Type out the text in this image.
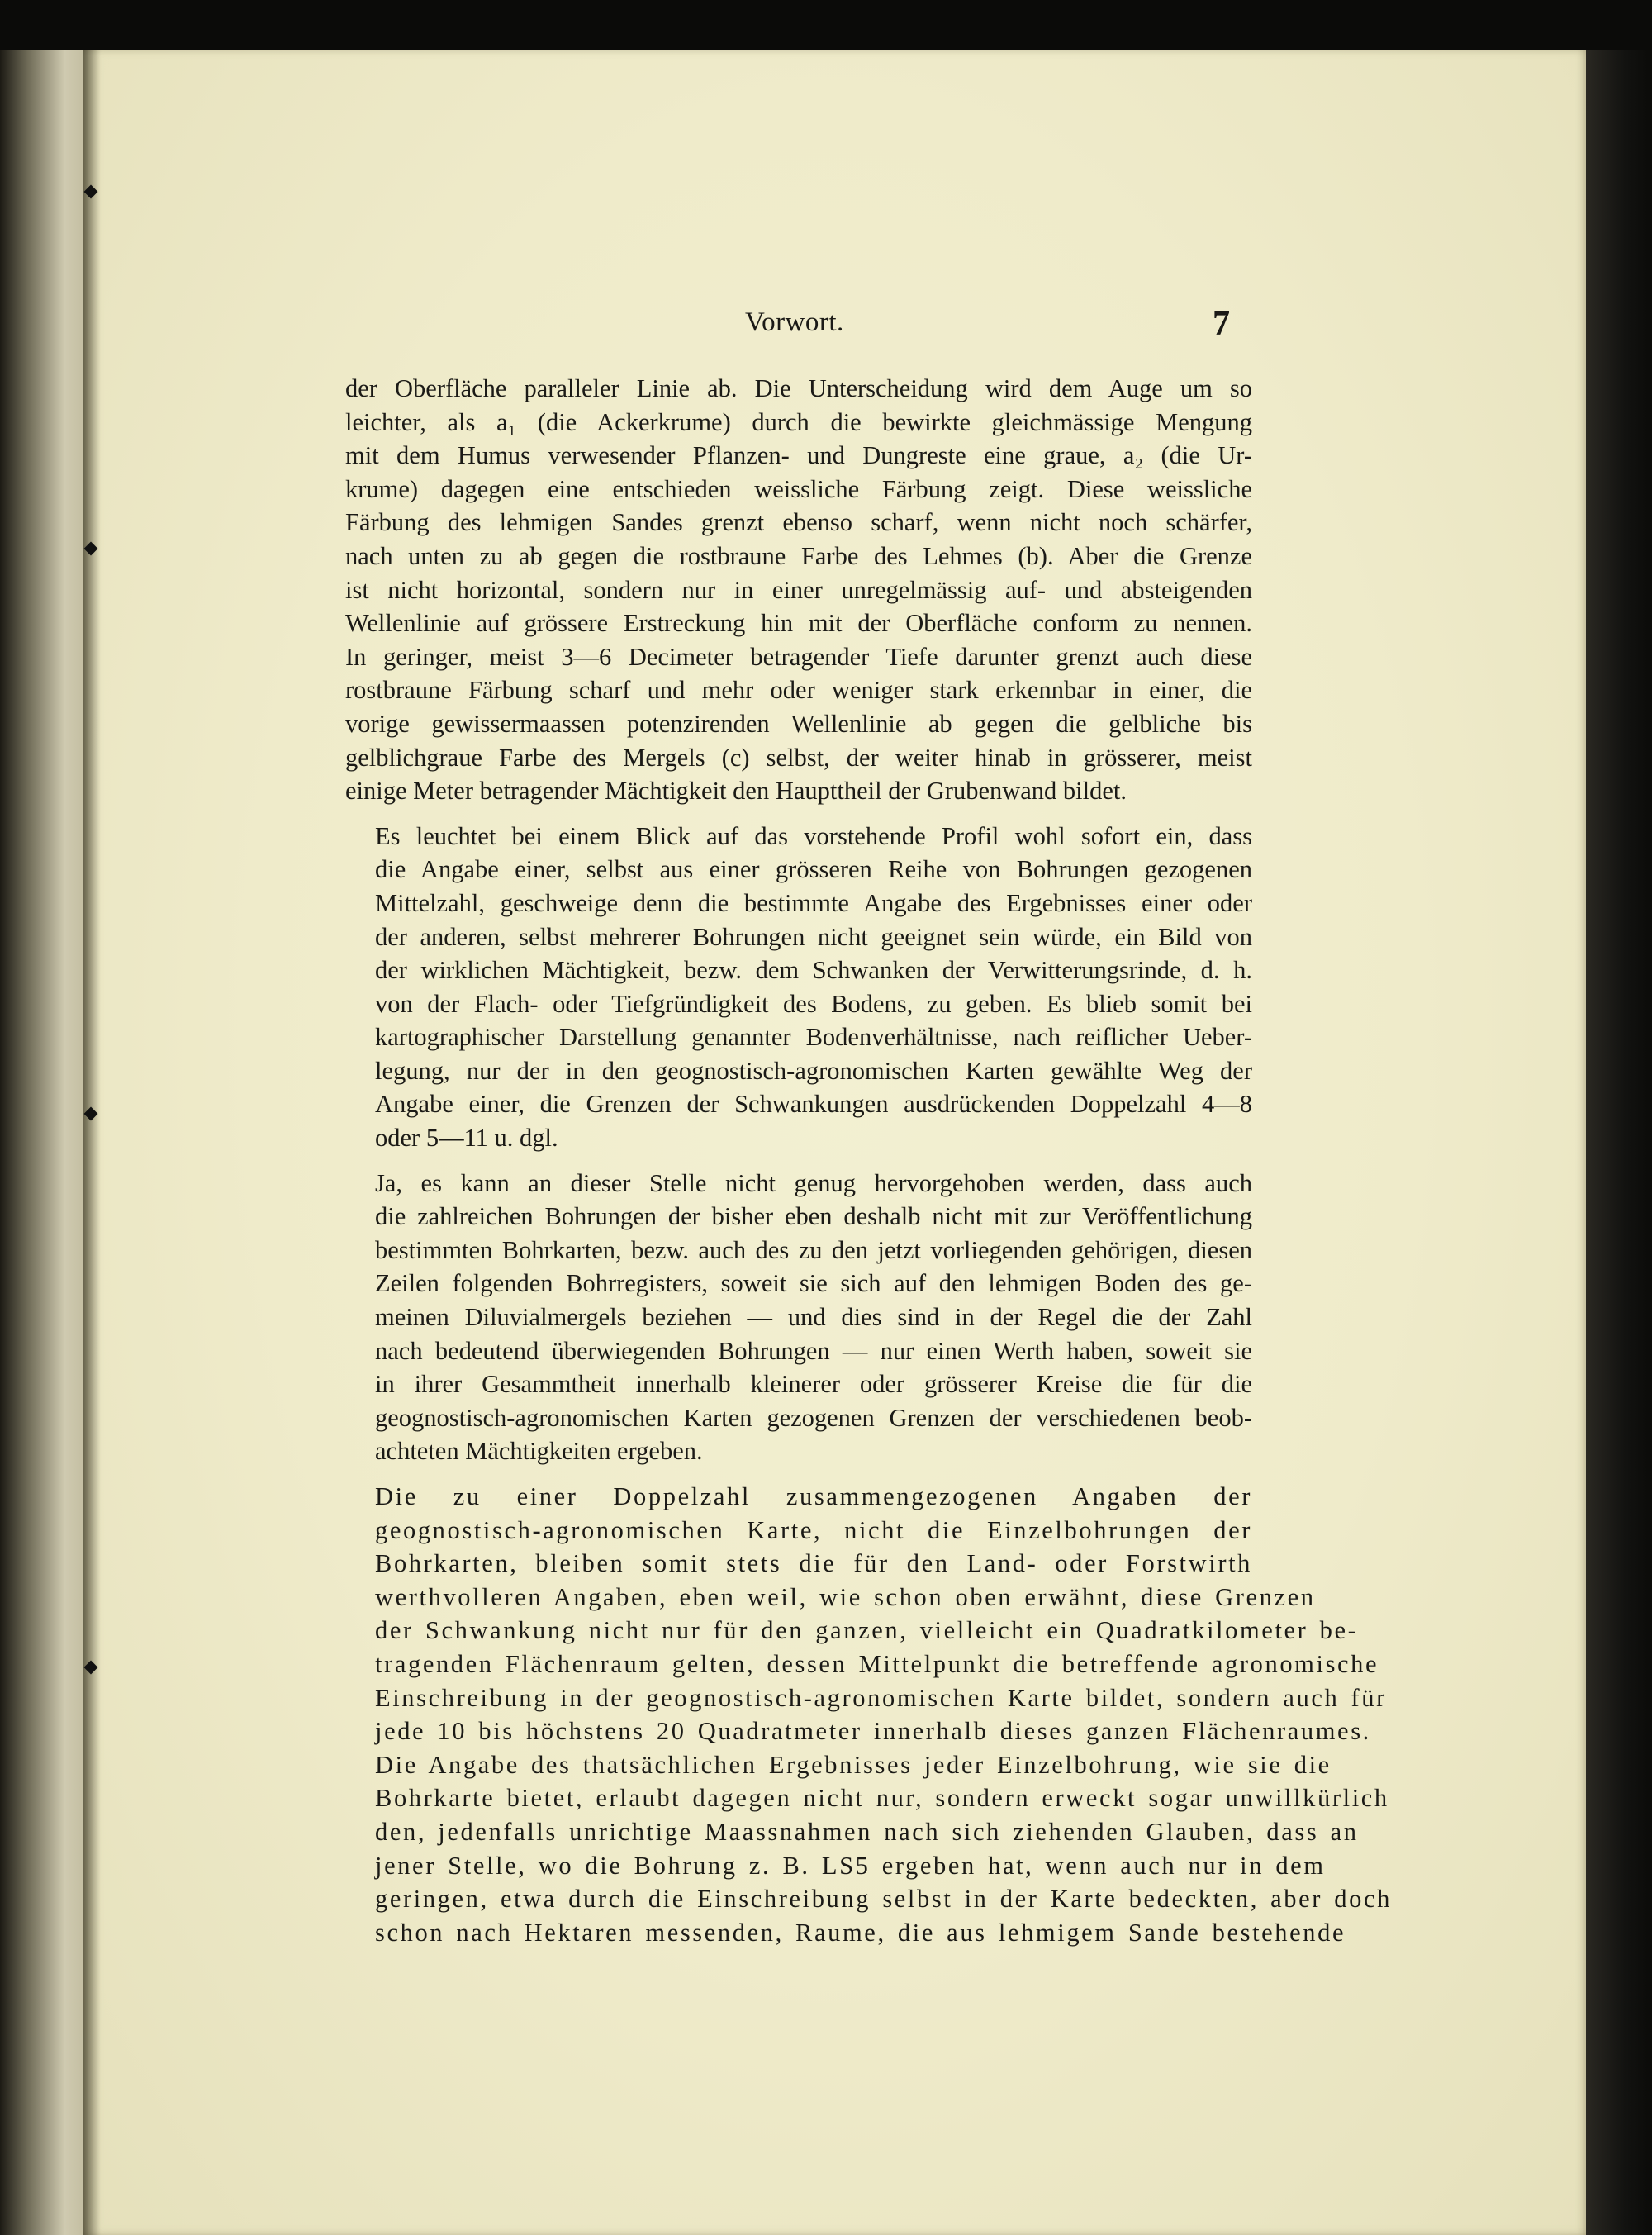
Vorwort.	7
der Oberfläche paralleler Linie ab. Die Unterscheidung wird dem Auge um so
leichter, als a₁ (die Ackerkrume) durch die bewirkte gleichmässige Mengung
mit dem Humus verwesender Pflanzen- und Dungreste eine graue, a₂ (die Ur-
krume) dagegen eine entschieden weissliche Färbung zeigt. Diese weissliche
Färbung des lehmigen Sandes grenzt ebenso scharf, wenn nicht noch schärfer,
nach unten zu ab gegen die rostbraune Farbe des Lehmes (b). Aber die Grenze
ist nicht horizontal, sondern nur in einer unregelmässig auf- und absteigenden
Wellenlinie auf grössere Erstreckung hin mit der Oberfläche conform zu nennen.
In geringer, meist 3—6 Decimeter betragender Tiefe darunter grenzt auch diese
rostbraune Färbung scharf und mehr oder weniger stark erkennbar in einer, die
vorige gewissermaassen potenzirenden Wellenlinie ab gegen die gelbliche bis
gelblichgraue Farbe des Mergels (c) selbst, der weiter hinab in grösserer, meist
einige Meter betragender Mächtigkeit den Haupttheil der Grubenwand bildet.
Es leuchtet bei einem Blick auf das vorstehende Profil wohl sofort ein, dass
die Angabe einer, selbst aus einer grösseren Reihe von Bohrungen gezogenen
Mittelzahl, geschweige denn die bestimmte Angabe des Ergebnisses einer oder
der anderen, selbst mehrerer Bohrungen nicht geeignet sein würde, ein Bild von
der wirklichen Mächtigkeit, bezw. dem Schwanken der Verwitterungsrinde, d. h.
von der Flach- oder Tiefgründigkeit des Bodens, zu geben. Es blieb somit bei
kartographischer Darstellung genannter Bodenverhältnisse, nach reiflicher Ueber-
legung, nur der in den geognostisch-agronomischen Karten gewählte Weg der
Angabe einer, die Grenzen der Schwankungen ausdrückenden Doppelzahl 4—8
oder 5—11 u. dgl.
Ja, es kann an dieser Stelle nicht genug hervorgehoben werden, dass auch
die zahlreichen Bohrungen der bisher eben deshalb nicht mit zur Veröffentlichung
bestimmten Bohrkarten, bezw. auch des zu den jetzt vorliegenden gehörigen, diesen
Zeilen folgenden Bohrregisters, soweit sie sich auf den lehmigen Boden des ge-
meinen Diluvialmergels beziehen — und dies sind in der Regel die der Zahl
nach bedeutend überwiegenden Bohrungen — nur einen Werth haben, soweit sie
in ihrer Gesammtheit innerhalb kleinerer oder grösserer Kreise die für die
geognostisch-agronomischen Karten gezogenen Grenzen der verschiedenen beob-
achteten Mächtigkeiten ergeben.
Die zu einer Doppelzahl zusammengezogenen Angaben der
geognostisch-agronomischen Karte, nicht die Einzelbohrungen der
Bohrkarten, bleiben somit stets die für den Land- oder Forstwirth
werthvolleren Angaben, eben weil, wie schon oben erwähnt, diese Grenzen
der Schwankung nicht nur für den ganzen, vielleicht ein Quadratkilometer be-
tragenden Flächenraum gelten, dessen Mittelpunkt die betreffende agronomische
Einschreibung in der geognostisch-agronomischen Karte bildet, sondern auch für
jede 10 bis höchstens 20 Quadratmeter innerhalb dieses ganzen Flächenraumes.
Die Angabe des thatsächlichen Ergebnisses jeder Einzelbohrung, wie sie die
Bohrkarte bietet, erlaubt dagegen nicht nur, sondern erweckt sogar unwillkürlich
den, jedenfalls unrichtige Maassnahmen nach sich ziehenden Glauben, dass an
jener Stelle, wo die Bohrung z. B. LS5 ergeben hat, wenn auch nur in dem
geringen, etwa durch die Einschreibung selbst in der Karte bedeckten, aber doch
schon nach Hektaren messenden, Raume, die aus lehmigem Sande bestehende
